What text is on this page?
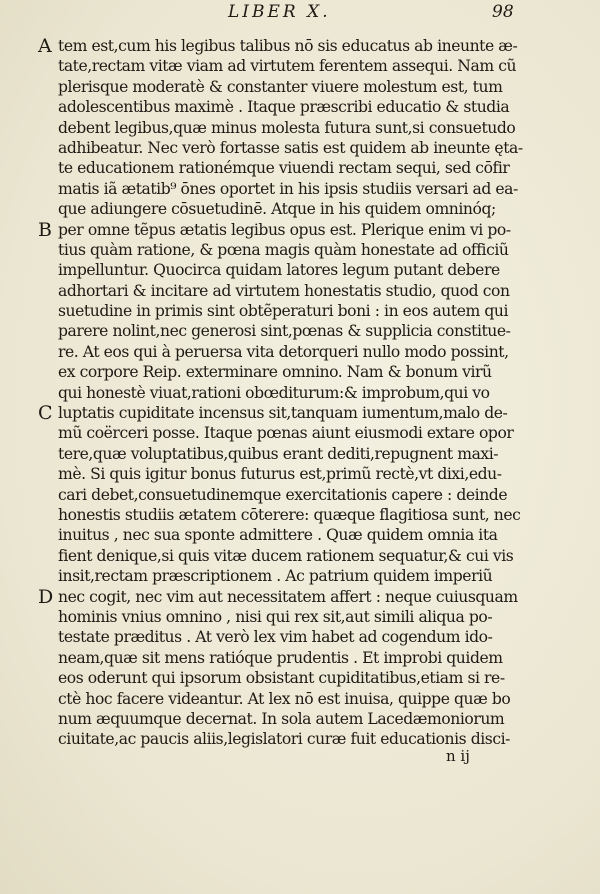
LIBER X.	98
A tem est,cum his legibus talibus nō sis educatus ab ineunte æ-
tate,rectam vitæ viam ad virtutem ferentem assequi. Nam cũ
plerisque moderatè & constanter viuere molestum est, tum
adolescentibus maximè . Itaque præscribi educatio & studia
debent legibus,quæ minus molesta futura sunt,si consuetudo
adhibeatur. Nec verò fortasse satis est quidem ab ineunte ęta-
te educationem rationémque viuendi rectam sequi, sed cōfir
matis iã ætatib⁹ ōnes oportet in his ipsis studiis versari ad ea-
que adiungere cōsuetudinē. Atque in his quidem omninóq;
B per omne tẽpus ætatis legibus opus est. Plerique enim vi po-
tius quàm ratione, & pœna magis quàm honestate ad officiũ
impelluntur. Quocirca quidam latores legum putant debere
adhortari & incitare ad virtutem honestatis studio, quod con
suetudine in primis sint obtẽperaturi boni : in eos autem qui
parere nolint,nec generosi sint,pœnas & supplicia constitue-
re. At eos qui à peruersa vita detorqueri nullo modo possint,
ex corpore Reip. exterminare omnino. Nam & bonum virũ
qui honestè viuat,rationi obœditurum:& improbum,qui vo
C luptatis cupiditate incensus sit,tanquam iumentum,malo de-
mũ coërceri posse. Itaque pœnas aiunt eiusmodi extare opor
tere,quæ voluptatibus,quibus erant dediti,repugnent maxi-
mè. Si quis igitur bonus futurus est,primũ rectè,vt dixi,edu-
cari debet,consuetudinemque exercitationis capere : deinde
honestis studiis ætatem cōterere: quæque flagitiosa sunt, nec
inuitus , nec sua sponte admittere . Quæ quidem omnia ita
fient denique,si quis vitæ ducem rationem sequatur,& cui vis
insit,rectam præscriptionem . Ac patrium quidem imperiũ
D nec cogit, nec vim aut necessitatem affert : neque cuiusquam
hominis vnius omnino , nisi qui rex sit,aut simili aliqua po-
testate præditus . At verò lex vim habet ad cogendum ido-
neam,quæ sit mens ratióque prudentis . Et improbi quidem
eos oderunt qui ipsorum obsistant cupiditatibus,etiam si re-
ctè hoc facere videantur. At lex nō est inuisa, quippe quæ bo
num æquumque decernat. In sola autem Lacedæmoniorum
ciuitate,ac paucis aliis,legislatori curæ fuit educationis disci-
n ij
